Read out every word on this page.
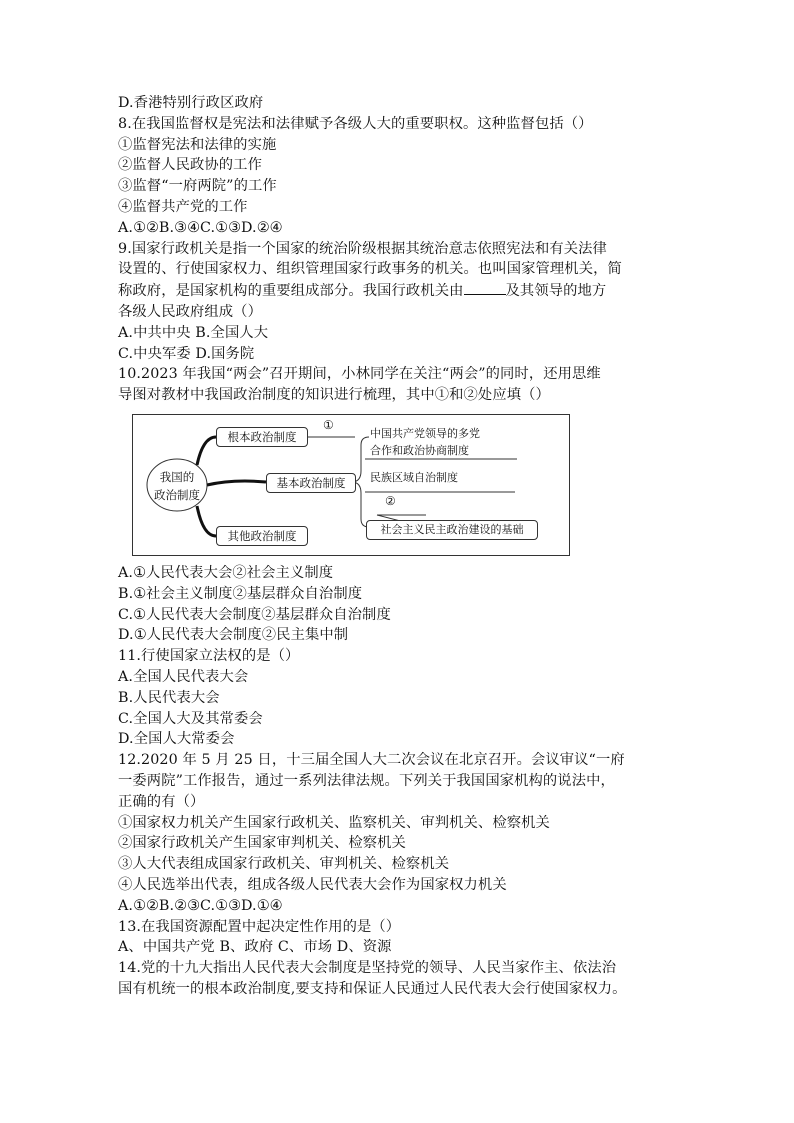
D.香港特别行政区政府
8.在我国监督权是宪法和法律赋予各级人大的重要职权。这种监督包括（）
①监督宪法和法律的实施
②监督人民政协的工作
③监督“一府两院”的工作
④监督共产党的工作
A.①②B.③④C.①③D.②④
9.国家行政机关是指一个国家的统治阶级根据其统治意志依照宪法和有关法律
设置的、行使国家权力、组织管理国家行政事务的机关。也叫国家管理机关，简
称政府，是国家机构的重要组成部分。我国行政机关由	及其领导的地方
各级人民政府组成（）
A.中共中央 B.全国人大
C.中央军委 D.国务院
10.2023 年我国“两会”召开期间，小林同学在关注“两会”的同时，还用思维
导图对教材中我国政治制度的知识进行梳理，其中①和②处应填（）
我国的
政治制度
根本政治制度
基本政治制度
其他政治制度
①
中国共产党领导的多党
合作和政治协商制度
民族区域自治制度
②
社会主义民主政治建设的基础
A.①人民代表大会②社会主义制度
B.①社会主义制度②基层群众自治制度
C.①人民代表大会制度②基层群众自治制度
D.①人民代表大会制度②民主集中制
11.行使国家立法权的是（）
A.全国人民代表大会
B.人民代表大会
C.全国人大及其常委会
D.全国人大常委会
12.2020 年 5 月 25 日，十三届全国人大二次会议在北京召开。会议审议“一府
一委两院”工作报告，通过一系列法律法规。下列关于我国国家机构的说法中，
正确的有（）
①国家权力机关产生国家行政机关、监察机关、审判机关、检察机关
②国家行政机关产生国家审判机关、检察机关
③人大代表组成国家行政机关、审判机关、检察机关
④人民选举出代表，组成各级人民代表大会作为国家权力机关
A.①②B.②③C.①③D.①④
13.在我国资源配置中起决定性作用的是（）
A、中国共产党 B、政府 C、市场 D、资源
14.党的十九大指出人民代表大会制度是坚持党的领导、人民当家作主、依法治
国有机统一的根本政治制度,要支持和保证人民通过人民代表大会行使国家权力。
